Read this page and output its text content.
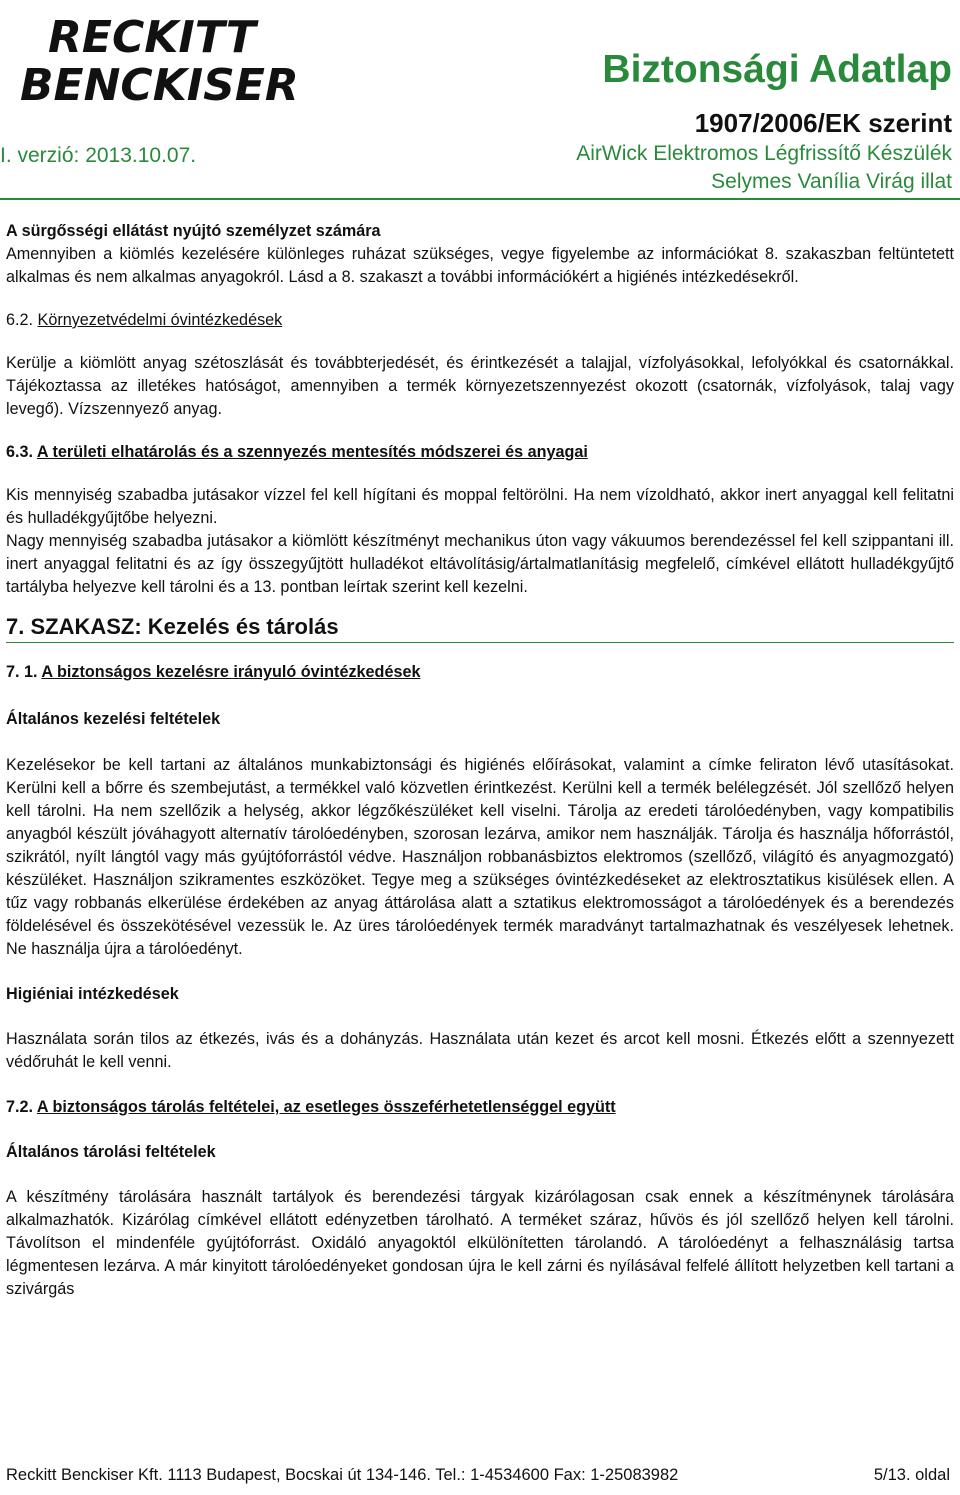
RECKITT
BENCKISER	Biztonsági Adatlap
1907/2006/EK szerint
I. verzió: 2013.10.07.	AirWick Elektromos Légfrissítő Készülék
Selymes Vanília Virág illat

A sürgősségi ellátást nyújtó személyzet számára

Amennyiben a kiömlés kezelésére különleges ruházat szükséges, vegye figyelembe az információkat 8. szakaszban feltüntetett alkalmas és nem alkalmas anyagokról. Lásd a 8. szakaszt a további információkért a higiénés intézkedésekről.

6.2. Környezetvédelmi óvintézkedések

Kerülje a kiömlött anyag szétoszlását és továbbterjedését, és érintkezését a talajjal, vízfolyásokkal, lefolyókkal és csatornákkal. Tájékoztassa az illetékes hatóságot, amennyiben a termék környezetszennyezést okozott (csatornák, vízfolyások, talaj vagy levegő). Vízszennyező anyag.

6.3. A területi elhatárolás és a szennyezés mentesítés módszerei és anyagai

Kis mennyiség szabadba jutásakor vízzel fel kell hígítani és moppal feltörölni. Ha nem vízoldható, akkor inert anyaggal kell felitatni és hulladékgyűjtőbe helyezni.

Nagy mennyiség szabadba jutásakor a kiömlött készítményt mechanikus úton vagy vákuumos berendezéssel fel kell szippantani ill. inert anyaggal felitatni és az így összegyűjtött hulladékot eltávolításig/ártalmatlanításig megfelelő, címkével ellátott hulladékgyűjtő tartályba helyezve kell tárolni és a 13. pontban leírtak szerint kell kezelni.

7. SZAKASZ: Kezelés és tárolás

7. 1. A biztonságos kezelésre irányuló óvintézkedések

Általános kezelési feltételek

Kezelésekor be kell tartani az általános munkabiztonsági és higiénés előírásokat, valamint a címke feliraton lévő utasításokat. Kerülni kell a bőrre és szembejutást, a termékkel való közvetlen érintkezést. Kerülni kell a termék belélegzését. Jól szellőző helyen kell tárolni. Ha nem szellőzik a helység, akkor légzőkészüléket kell viselni. Tárolja az eredeti tárolóedényben, vagy kompatibilis anyagból készült jóváhagyott alternatív tárolóedényben, szorosan lezárva, amikor nem használják. Tárolja és használja hőforrástól, szikrától, nyílt lángtól vagy más gyújtóforrástól védve. Használjon robbanásbiztos elektromos (szellőző, világító és anyagmozgató) készüléket. Használjon szikramentes eszközöket. Tegye meg a szükséges óvintézkedéseket az elektrosztatikus kisülések ellen. A tűz vagy robbanás elkerülése érdekében az anyag áttárolása alatt a sztatikus elektromosságot a tárolóedények és a berendezés földelésével és összekötésével vezessük le. Az üres tárolóedények termék maradványt tartalmazhatnak és veszélyesek lehetnek. Ne használja újra a tárolóedényt.

Higiéniai intézkedések

Használata során tilos az étkezés, ivás és a dohányzás. Használata után kezet és arcot kell mosni. Étkezés előtt a szennyezett védőruhát le kell venni.

7.2. A biztonságos tárolás feltételei, az esetleges összeférhetetlenséggel együtt

Általános tárolási feltételek

A készítmény tárolására használt tartályok és berendezési tárgyak kizárólagosan csak ennek a készítménynek tárolására alkalmazhatók. Kizárólag címkével ellátott edényzetben tárolható. A terméket száraz, hűvös és jól szellőző helyen kell tárolni. Távolítson el mindenféle gyújtóforrást. Oxidáló anyagoktól elkülönítetten tárolandó. A tárolóedényt a felhasználásig tartsa légmentesen lezárva. A már kinyitott tárolóedényeket gondosan újra le kell zárni és nyílásával felfelé állított helyzetben kell tartani a szivárgás

Reckitt Benckiser Kft. 1113 Budapest, Bocskai út 134-146. Tel.: 1-4534600 Fax: 1-25083982	5/13. oldal
